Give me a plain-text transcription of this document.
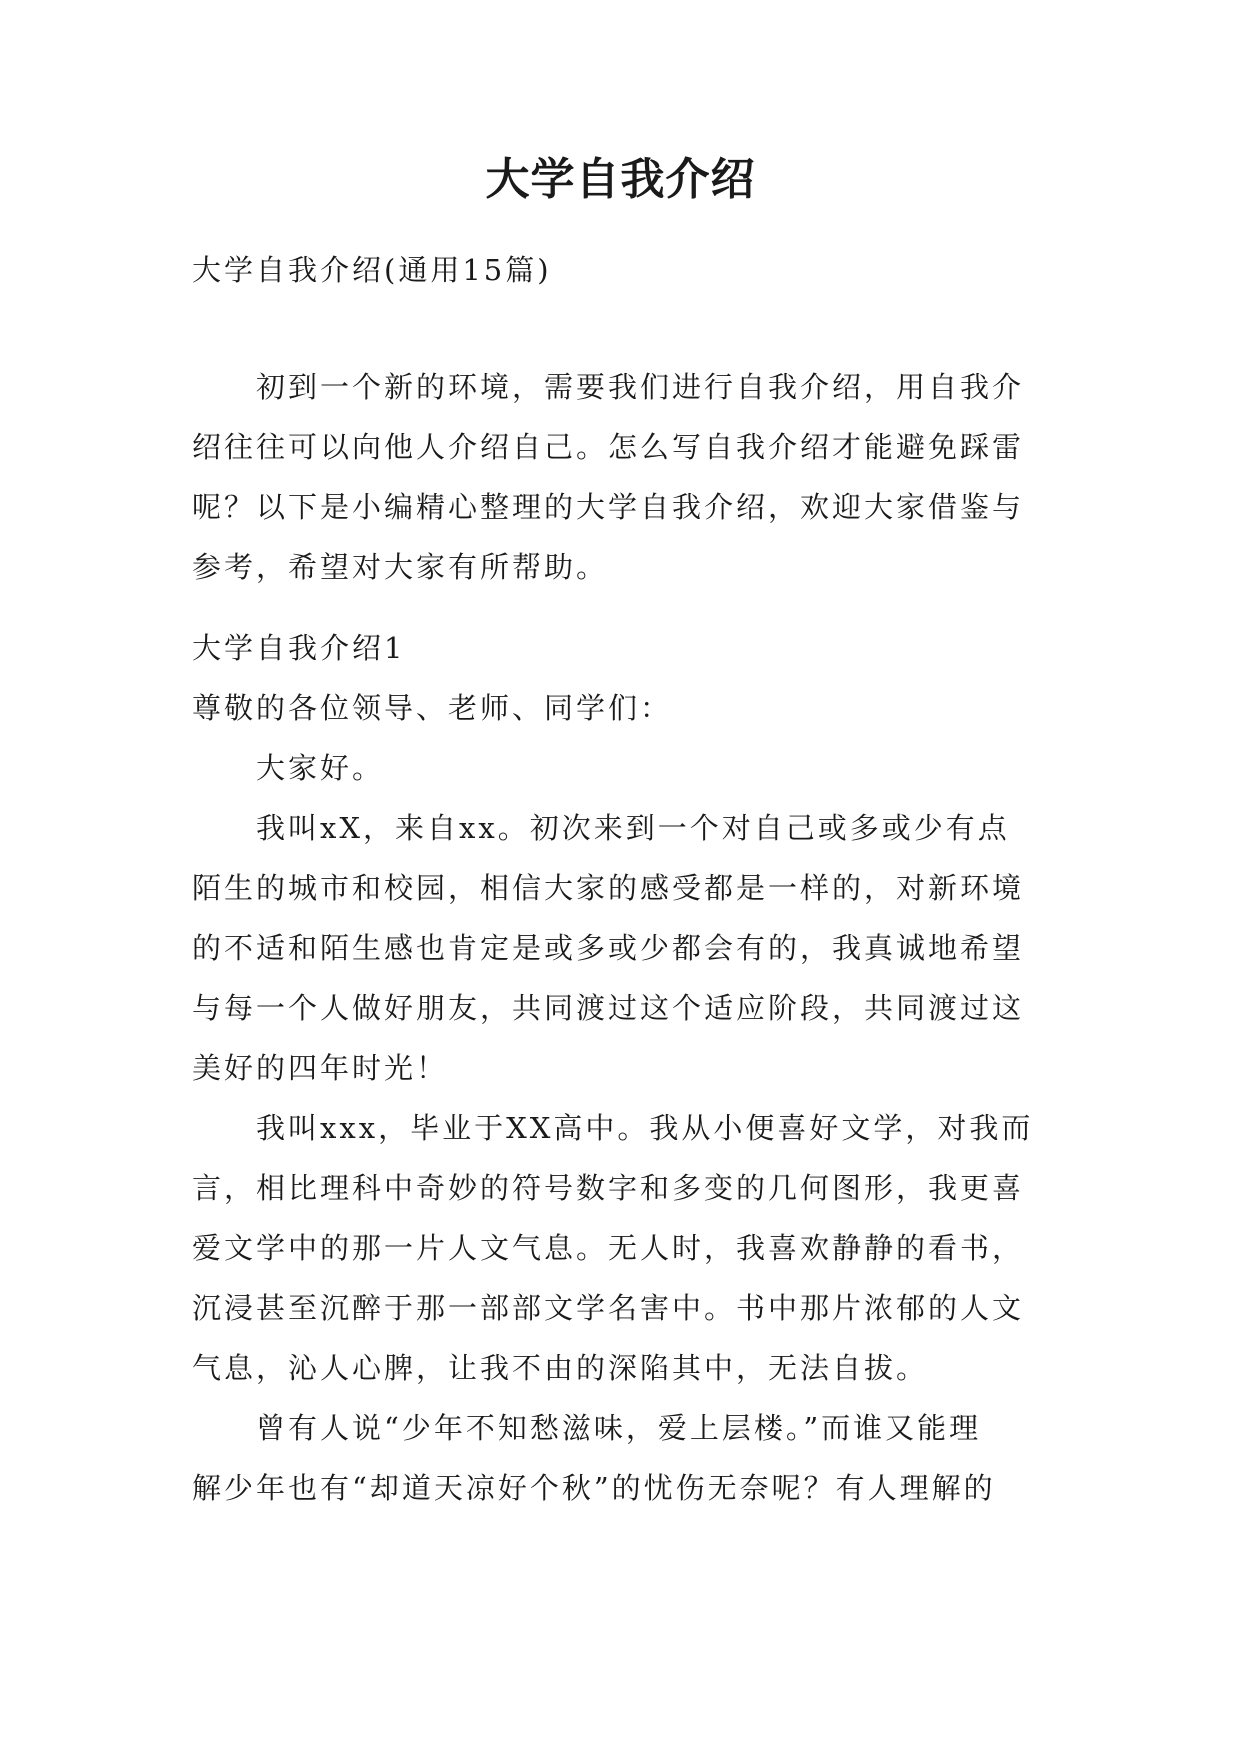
大学自我介绍
大学自我介绍(通用15篇)
初到一个新的环境，需要我们进行自我介绍，用自我介
绍往往可以向他人介绍自己。怎么写自我介绍才能避免踩雷
呢？以下是小编精心整理的大学自我介绍，欢迎大家借鉴与
参考，希望对大家有所帮助。
大学自我介绍1
尊敬的各位领导、老师、同学们：
大家好。
我叫xX，来自xx。初次来到一个对自己或多或少有点
陌生的城市和校园，相信大家的感受都是一样的，对新环境
的不适和陌生感也肯定是或多或少都会有的，我真诚地希望
与每一个人做好朋友，共同渡过这个适应阶段，共同渡过这
美好的四年时光！
我叫xxx，毕业于XX高中。我从小便喜好文学，对我而
言，相比理科中奇妙的符号数字和多变的几何图形，我更喜
爱文学中的那一片人文气息。无人时，我喜欢静静的看书，
沉浸甚至沉醉于那一部部文学名害中。书中那片浓郁的人文
气息，沁人心脾，让我不由的深陷其中，无法自拔。
曾有人说“少年不知愁滋味，爱上层楼。”而谁又能理
解少年也有“却道天凉好个秋”的忧伤无奈呢？有人理解的
